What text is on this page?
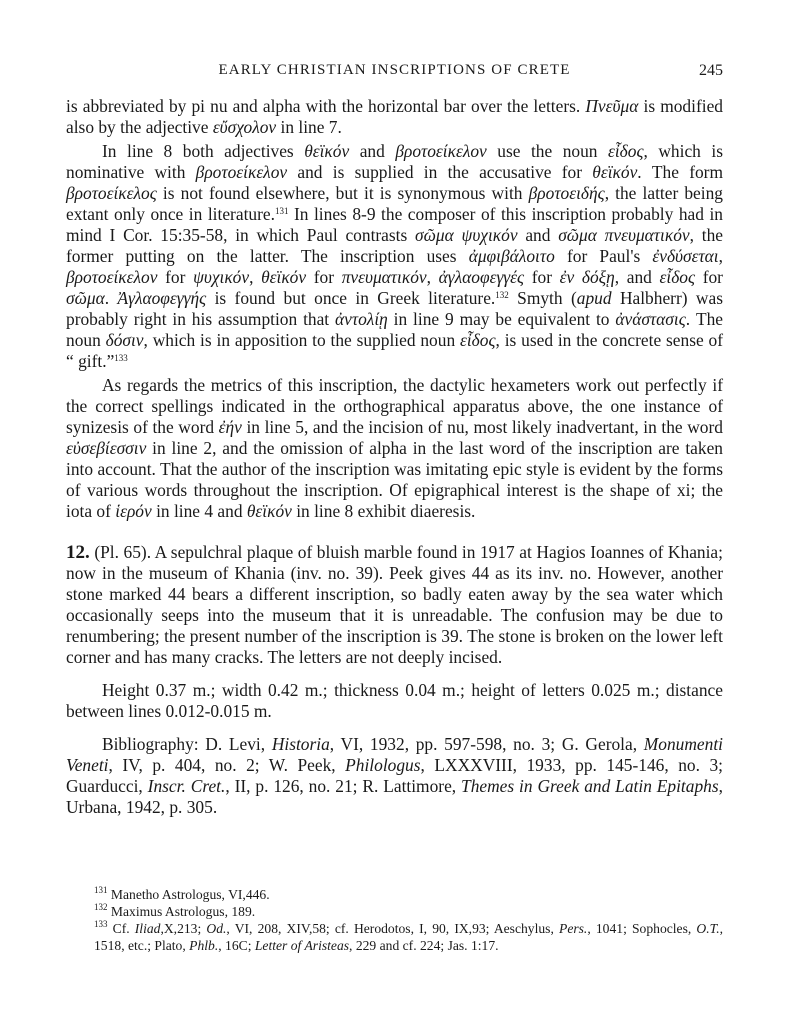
EARLY CHRISTIAN INSCRIPTIONS OF CRETE	245

is abbreviated by pi nu and alpha with the horizontal bar over the letters. Πνεῦμα is modified also by the adjective εὔσχολον in line 7.

In line 8 both adjectives θεϊκόν and βροτοείκελον use the noun εἶδος, which is nominative with βροτοείκελον and is supplied in the accusative for θεϊκόν. The form βροτοείκελος is not found elsewhere, but it is synonymous with βροτοειδής, the latter being extant only once in literature.$^{131}$ In lines 8-9 the composer of this inscription probably had in mind I Cor. 15:35-58, in which Paul contrasts σῶμα ψυχικόν and σῶμα πνευματικόν, the former putting on the latter. The inscription uses ἀμφιβάλοιτο for Paul's ἐνδύσεται, βροτοείκελον for ψυχικόν, θεϊκόν for πνευματικόν, ἀγλαοφεγγές for ἐν δόξῃ, and εἶδος for σῶμα. Ἀγλαοφεγγής is found but once in Greek literature.$^{132}$ Smyth (apud Halbherr) was probably right in his assumption that ἀντολίῃ in line 9 may be equivalent to ἀνάστασις. The noun δόσιν, which is in apposition to the supplied noun εἶδος, is used in the concrete sense of “ gift.”$^{133}$

As regards the metrics of this inscription, the dactylic hexameters work out perfectly if the correct spellings indicated in the orthographical apparatus above, the one instance of synizesis of the word ἐήν in line 5, and the incision of nu, most likely inadvertant, in the word εὐσεβίεσσιν in line 2, and the omission of alpha in the last word of the inscription are taken into account. That the author of the inscription was imitating epic style is evident by the forms of various words throughout the inscription. Of epigraphical interest is the shape of xi; the iota of ἱερόν in line 4 and θεϊκόν in line 8 exhibit diaeresis.

12. (Pl. 65). A sepulchral plaque of bluish marble found in 1917 at Hagios Ioannes of Khania; now in the museum of Khania (inv. no. 39). Peek gives 44 as its inv. no. However, another stone marked 44 bears a different inscription, so badly eaten away by the sea water which occasionally seeps into the museum that it is unreadable. The confusion may be due to renumbering; the present number of the inscription is 39. The stone is broken on the lower left corner and has many cracks. The letters are not deeply incised.

Height 0.37 m.; width 0.42 m.; thickness 0.04 m.; height of letters 0.025 m.; distance between lines 0.012-0.015 m.

Bibliography: D. Levi, Historia, VI, 1932, pp. 597-598, no. 3; G. Gerola, Monumenti Veneti, IV, p. 404, no. 2; W. Peek, Philologus, LXXXVIII, 1933, pp. 145-146, no. 3; Guarducci, Inscr. Cret., II, p. 126, no. 21; R. Lattimore, Themes in Greek and Latin Epitaphs, Urbana, 1942, p. 305.

$^{131}$ Manetho Astrologus, VI,446.

$^{132}$ Maximus Astrologus, 189.

$^{133}$ Cf. Iliad,X,213; Od., VI, 208, XIV,58; cf. Herodotos, I, 90, IX,93; Aeschylus, Pers., 1041; Sophocles, O.T., 1518, etc.; Plato, Phlb., 16C; Letter of Aristeas, 229 and cf. 224; Jas. 1:17.
